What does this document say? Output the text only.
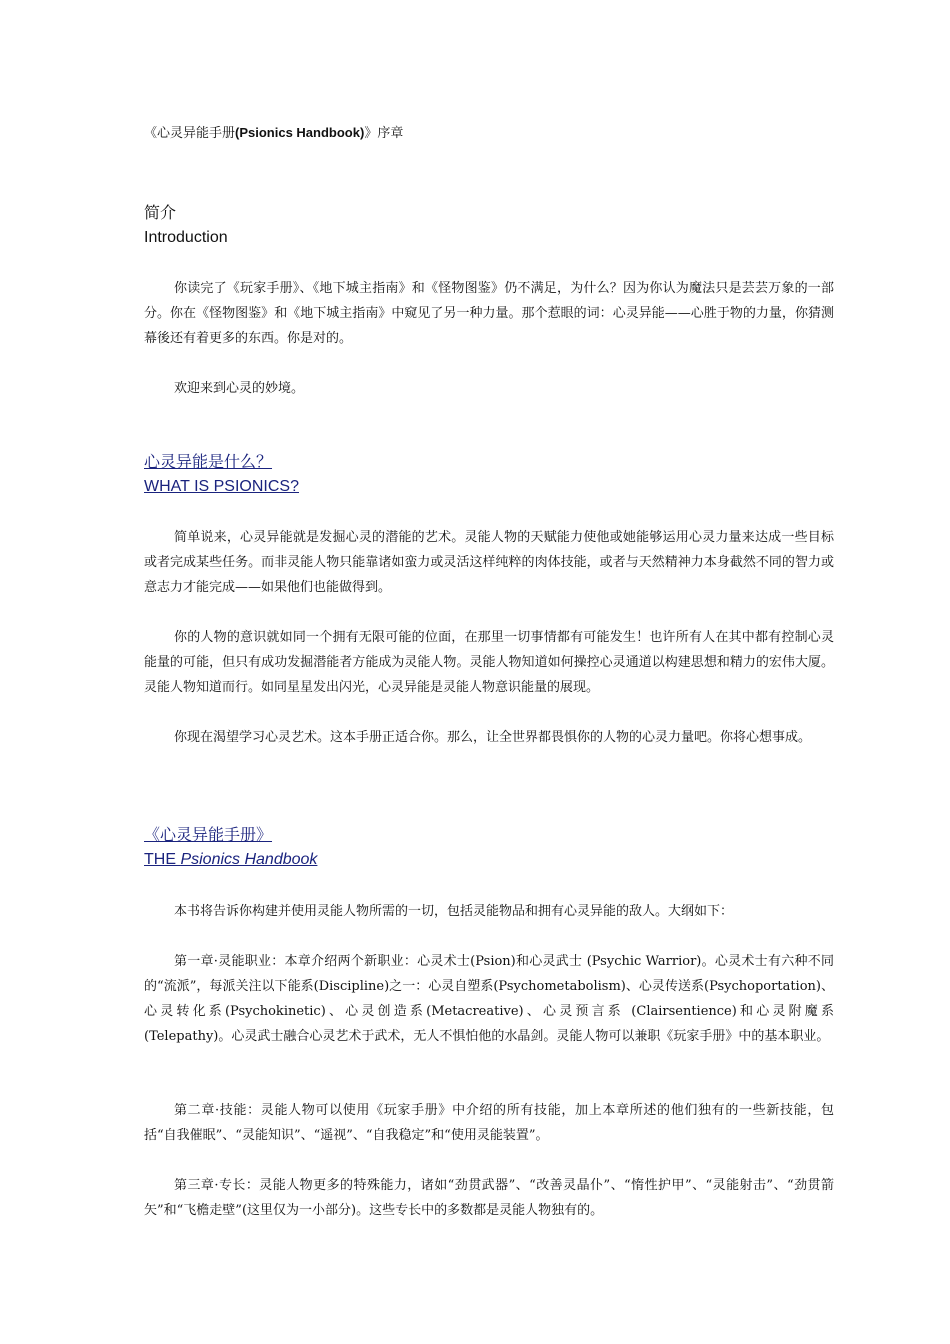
《心灵异能手册(Psionics Handbook)》序章
简介
Introduction
你读完了《玩家手册》、《地下城主指南》和《怪物图鉴》仍不满足，为什么？因为你认为魔法只是芸芸万象的一部分。你在《怪物图鉴》和《地下城主指南》中窥见了另一种力量。那个惹眼的词：心灵异能——心胜于物的力量，你猜测幕後还有着更多的东西。你是对的。
欢迎来到心灵的妙境。
心灵异能是什么？
WHAT IS PSIONICS?
简单说来，心灵异能就是发掘心灵的潜能的艺术。灵能人物的天赋能力使他或她能够运用心灵力量来达成一些目标或者完成某些任务。而非灵能人物只能靠诸如蛮力或灵活这样纯粹的肉体技能，或者与天然精神力本身截然不同的智力或意志力才能完成——如果他们也能做得到。
你的人物的意识就如同一个拥有无限可能的位面，在那里一切事情都有可能发生！也许所有人在其中都有控制心灵能量的可能，但只有成功发掘潜能者方能成为灵能人物。灵能人物知道如何操控心灵通道以构建思想和精力的宏伟大厦。灵能人物知道而行。如同星星发出闪光，心灵异能是灵能人物意识能量的展现。
你现在渴望学习心灵艺术。这本手册正适合你。那么，让全世界都畏惧你的人物的心灵力量吧。你将心想事成。
《心灵异能手册》
THE Psionics Handbook
本书将告诉你构建并使用灵能人物所需的一切，包括灵能物品和拥有心灵异能的敌人。大纲如下：
第一章·灵能职业：本章介绍两个新职业：心灵术士(Psion)和心灵武士 (Psychic Warrior)。心灵术士有六种不同的“流派”，每派关注以下能系(Discipline)之一：心灵自塑系(Psychometabolism)、心灵传送系(Psychoportation)、心灵转化系(Psychokinetic)、心灵创造系(Metacreative)、心灵预言系 (Clairsentience)和心灵附魔系(Telepathy)。心灵武士融合心灵艺术于武术，无人不惧怕他的水晶剑。灵能人物可以兼职《玩家手册》中的基本职业。
第二章·技能：灵能人物可以使用《玩家手册》中介绍的所有技能，加上本章所述的他们独有的一些新技能，包括“自我催眠”、“灵能知识”、“遥视”、“自我稳定”和“使用灵能装置”。
第三章·专长：灵能人物更多的特殊能力，诸如“劲贯武器”、“改善灵晶仆”、“惰性护甲”、“灵能射击”、“劲贯箭矢”和“飞檐走壁”(这里仅为一小部分)。这些专长中的多数都是灵能人物独有的。
